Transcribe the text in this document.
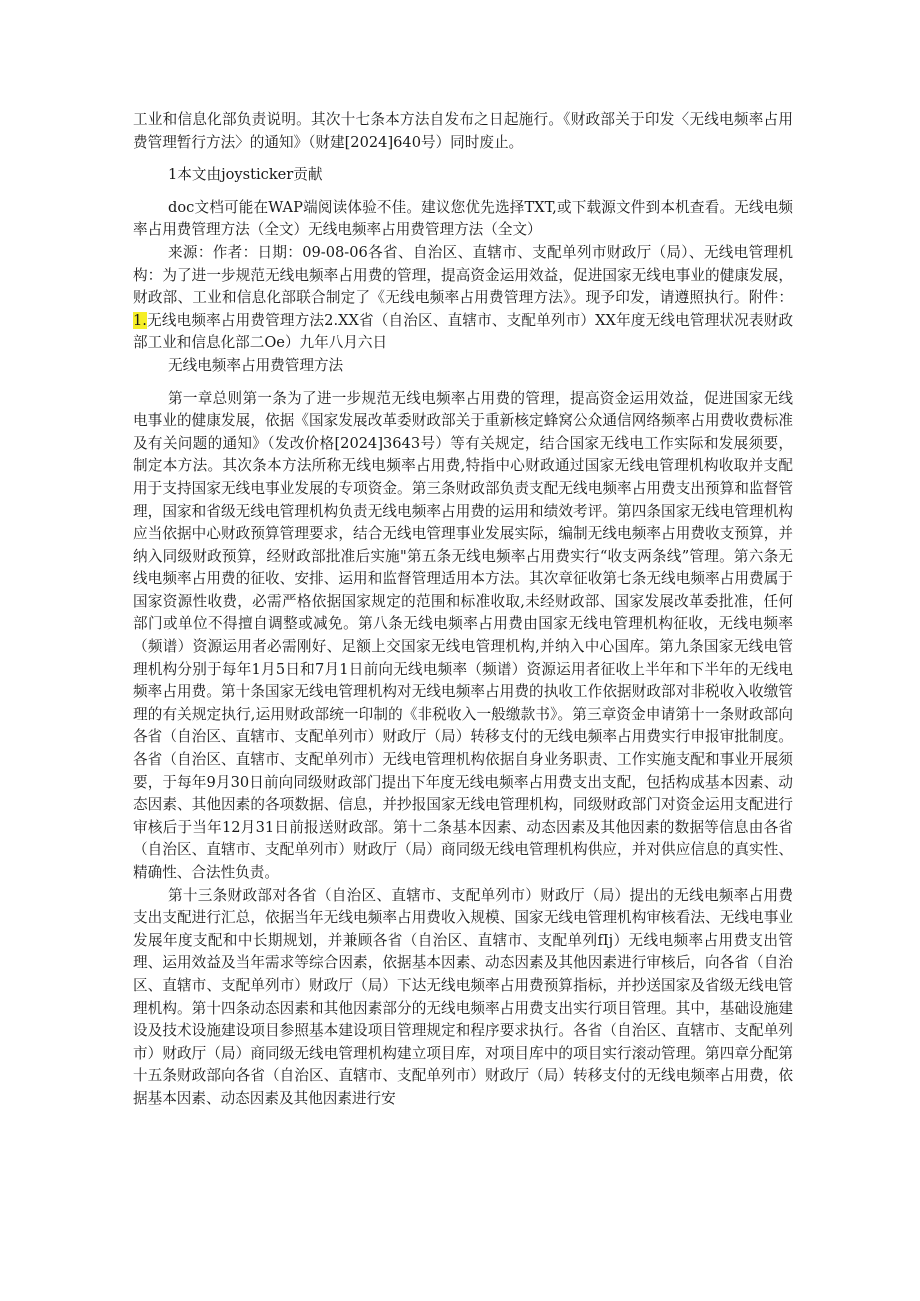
工业和信息化部负责说明。其次十七条本方法自发布之日起施行。《财政部关于印发〈无线电频率占用费管理暂行方法〉的通知》（财建[2024]640号）同时废止。

1本文由joysticker贡献

doc文档可能在WAP端阅读体验不佳。建议您优先选择TXT,或下载源文件到本机查看。无线电频率占用费管理方法（全文）无线电频率占用费管理方法（全文）

来源：作者：日期：09-08-06各省、自治区、直辖市、支配单列市财政厅（局）、无线电管理机构：为了进一步规范无线电频率占用费的管理，提高资金运用效益，促进国家无线电事业的健康发展，财政部、工业和信息化部联合制定了《无线电频率占用费管理方法》。现予印发，请遵照执行。附件：1.无线电频率占用费管理方法2.XX省（自治区、直辖市、支配单列市）XX年度无线电管理状况表财政部工业和信息化部二Oe）九年八月六日

无线电频率占用费管理方法

第一章总则第一条为了进一步规范无线电频率占用费的管理，提高资金运用效益，促进国家无线电事业的健康发展，依据《国家发展改革委财政部关于重新核定蜂窝公众通信网络频率占用费收费标准及有关问题的通知》（发改价格[2024]3643号）等有关规定，结合国家无线电工作实际和发展须要，制定本方法。其次条本方法所称无线电频率占用费,特指中心财政通过国家无线电管理机构收取并支配用于支持国家无线电事业发展的专项资金。第三条财政部负责支配无线电频率占用费支出预算和监督管理，国家和省级无线电管理机构负责无线电频率占用费的运用和绩效考评。第四条国家无线电管理机构应当依据中心财政预算管理要求，结合无线电管理事业发展实际，编制无线电频率占用费收支预算，并纳入同级财政预算，经财政部批准后实施"第五条无线电频率占用费实行“收支两条线”管理。第六条无线电频率占用费的征收、安排、运用和监督管理适用本方法。其次章征收第七条无线电频率占用费属于国家资源性收费，必需严格依据国家规定的范围和标准收取,未经财政部、国家发展改革委批准，任何部门或单位不得擅自调整或减免。第八条无线电频率占用费由国家无线电管理机构征收，无线电频率（频谱）资源运用者必需刚好、足额上交国家无线电管理机构,并纳入中心国库。第九条国家无线电管理机构分别于每年1月5日和7月1日前向无线电频率（频谱）资源运用者征收上半年和下半年的无线电频率占用费。第十条国家无线电管理机构对无线电频率占用费的执收工作依据财政部对非税收入收缴管理的有关规定执行,运用财政部统一印制的《非税收入一般缴款书》。第三章资金申请第十一条财政部向各省（自治区、直辖市、支配单列市）财政厅（局）转移支付的无线电频率占用费实行申报审批制度。各省（自治区、直辖市、支配单列市）无线电管理机构依据自身业务职责、工作实施支配和事业开展须要，于每年9月30日前向同级财政部门提出下年度无线电频率占用费支出支配，包括构成基本因素、动态因素、其他因素的各项数据、信息，并抄报国家无线电管理机构，同级财政部门对资金运用支配进行审核后于当年12月31日前报送财政部。第十二条基本因素、动态因素及其他因素的数据等信息由各省（自治区、直辖市、支配单列市）财政厅（局）商同级无线电管理机构供应，并对供应信息的真实性、精确性、合法性负责。

第十三条财政部对各省（自治区、直辖市、支配单列市）财政厅（局）提出的无线电频率占用费支出支配进行汇总，依据当年无线电频率占用费收入规模、国家无线电管理机构审核看法、无线电事业发展年度支配和中长期规划，并兼顾各省（自治区、直辖市、支配单列fIj）无线电频率占用费支出管理、运用效益及当年需求等综合因素，依据基本因素、动态因素及其他因素进行审核后，向各省（自治区、直辖市、支配单列市）财政厅（局）下达无线电频率占用费预算指标，并抄送国家及省级无线电管理机构。第十四条动态因素和其他因素部分的无线电频率占用费支出实行项目管理。其中，基础设施建设及技术设施建设项目参照基本建设项目管理规定和程序要求执行。各省（自治区、直辖市、支配单列市）财政厅（局）商同级无线电管理机构建立项目库，对项目库中的项目实行滚动管理。第四章分配第十五条财政部向各省（自治区、直辖市、支配单列市）财政厅（局）转移支付的无线电频率占用费，依据基本因素、动态因素及其他因素进行安
